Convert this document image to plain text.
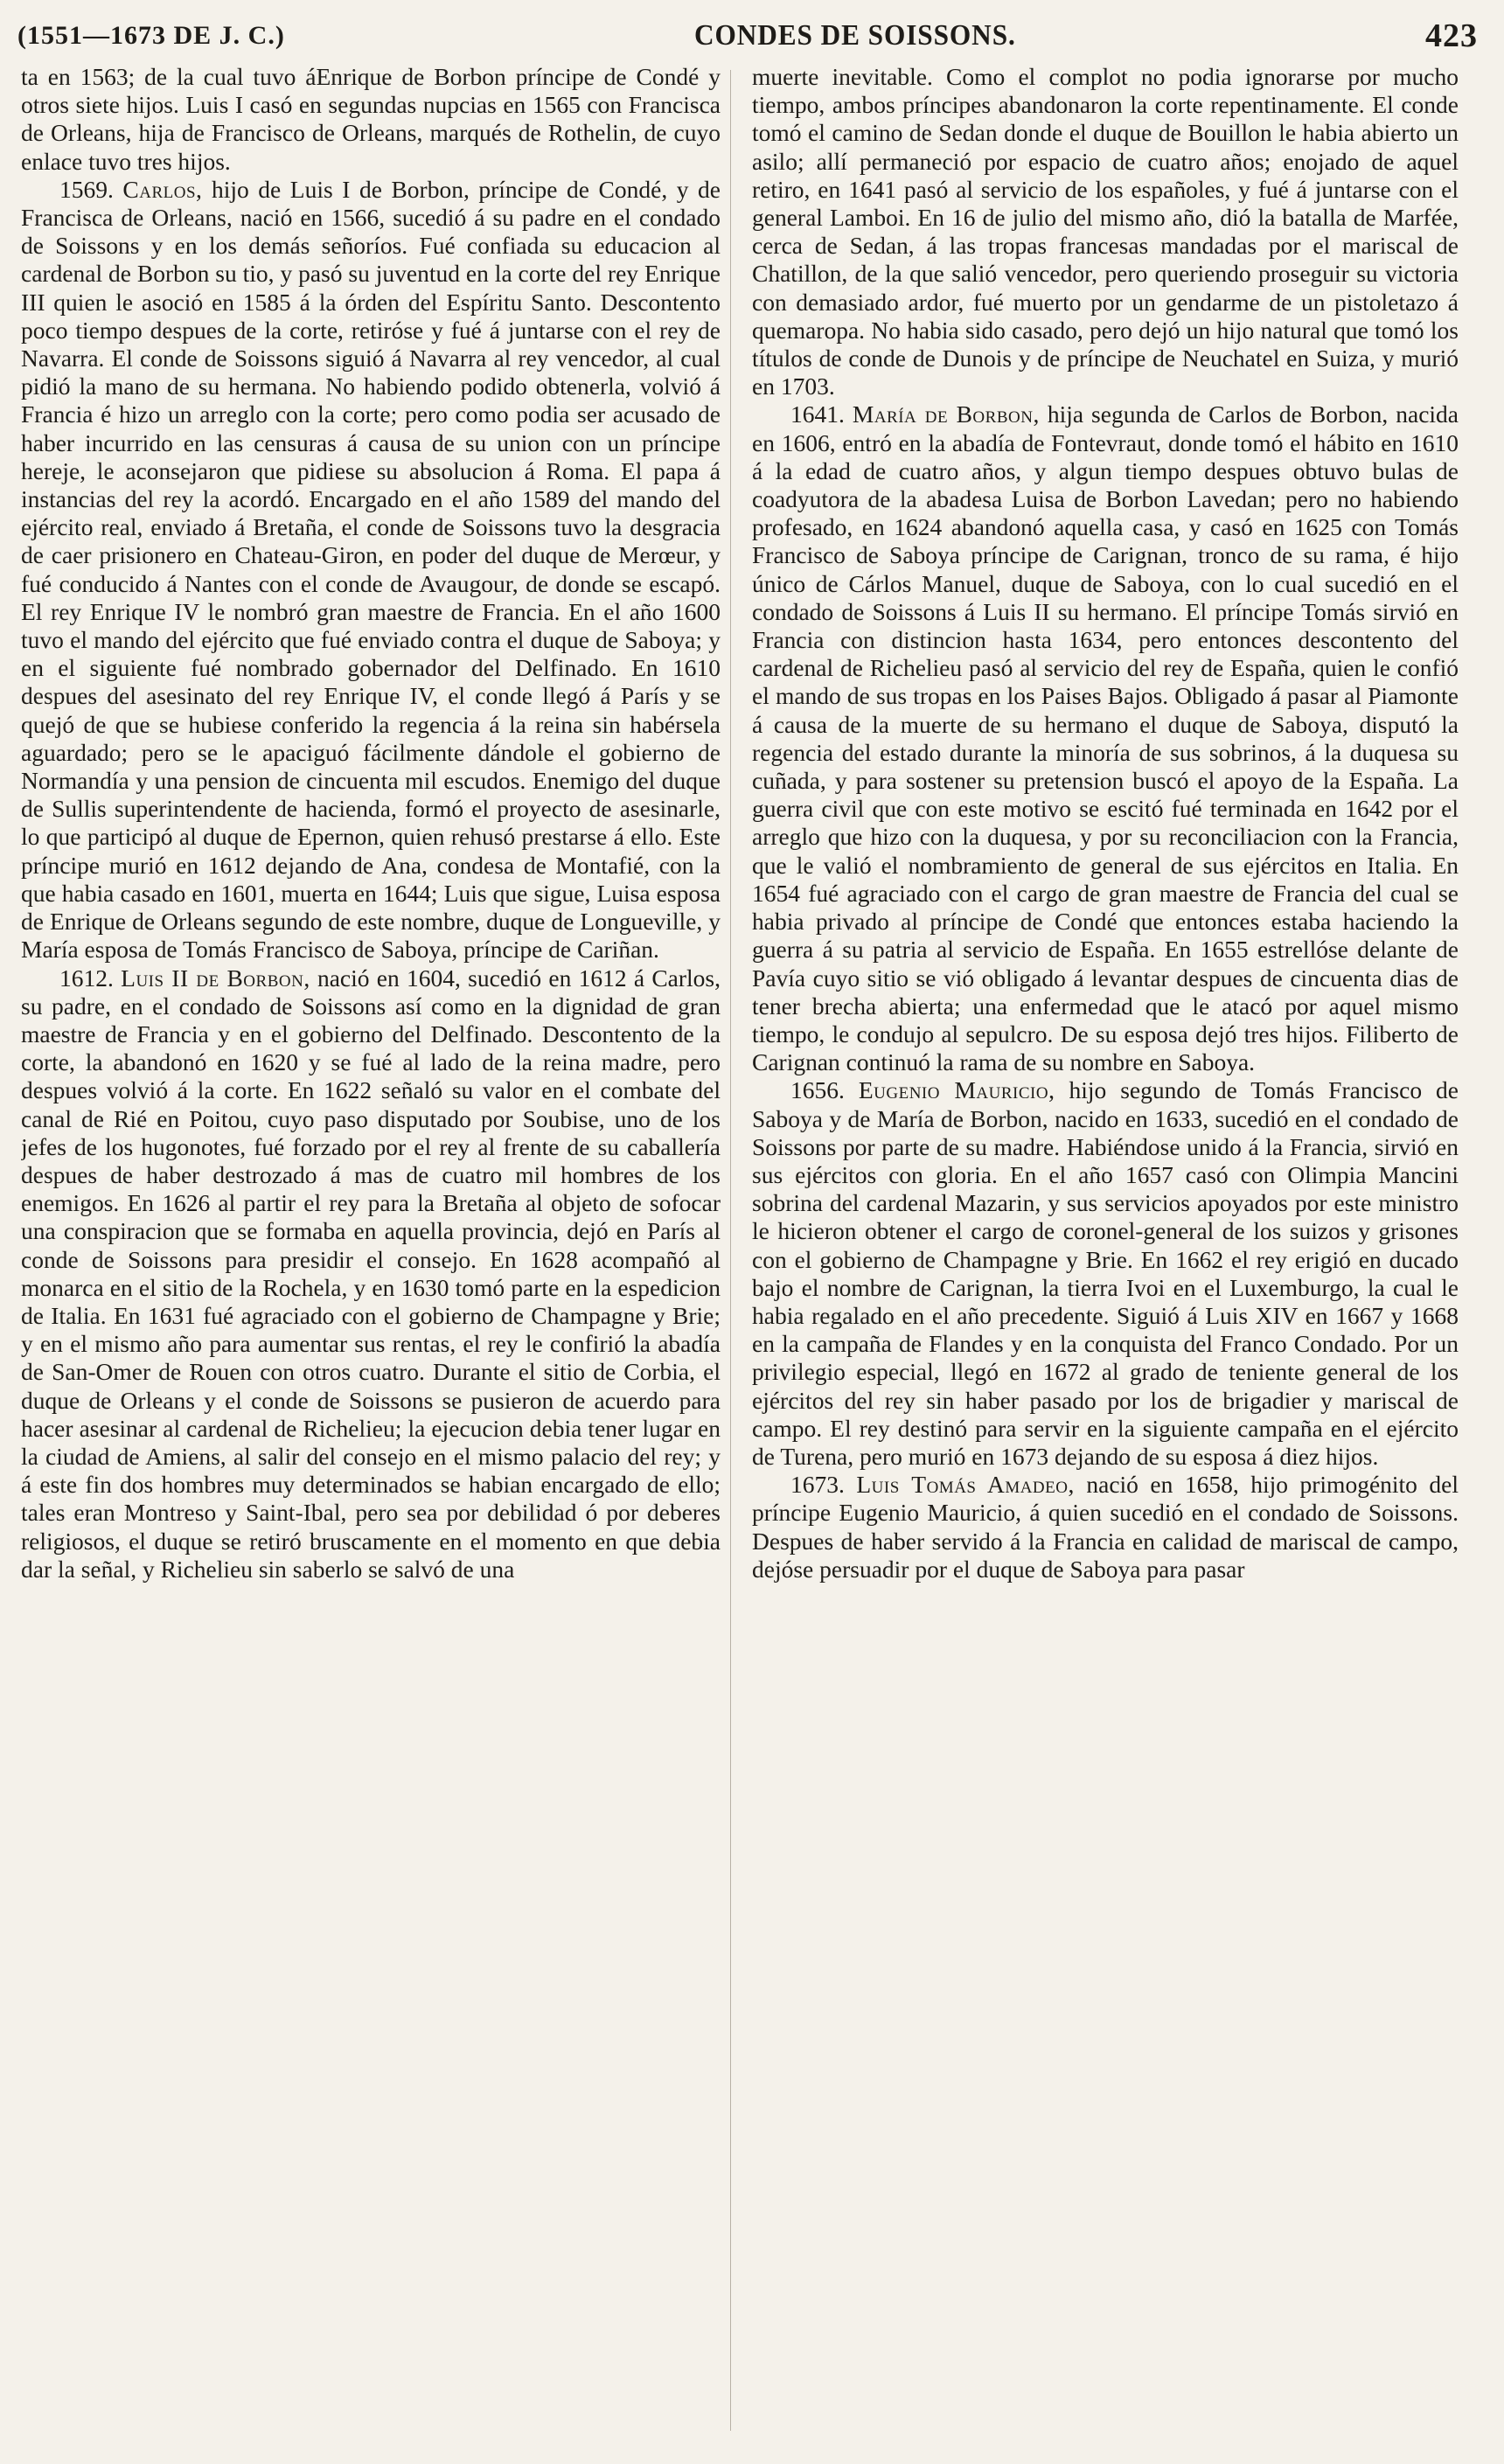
(1551—1673 DE J. C.)	CONDES DE SOISSONS.	423

ta en 1563; de la cual tuvo áEnrique de Borbon príncipe de Condé y otros siete hijos. Luis I casó en segundas nupcias en 1565 con Francisca de Orleans, hija de Francisco de Orleans, marqués de Rothelin, de cuyo enlace tuvo tres hijos.

1569. Carlos, hijo de Luis I de Borbon, príncipe de Condé, y de Francisca de Orleans, nació en 1566, sucedió á su padre en el condado de Soissons y en los demás señoríos. Fué confiada su educacion al cardenal de Borbon su tio, y pasó su juventud en la corte del rey Enrique III quien le asoció en 1585 á la órden del Espíritu Santo. Descontento poco tiempo despues de la corte, retiróse y fué á juntarse con el rey de Navarra. El conde de Soissons siguió á Navarra al rey vencedor, al cual pidió la mano de su hermana. No habiendo podido obtenerla, volvió á Francia é hizo un arreglo con la corte; pero como podia ser acusado de haber incurrido en las censuras á causa de su union con un príncipe hereje, le aconsejaron que pidiese su absolucion á Roma. El papa á instancias del rey la acordó. Encargado en el año 1589 del mando del ejército real, enviado á Bretaña, el conde de Soissons tuvo la desgracia de caer prisionero en Chateau-Giron, en poder del duque de Merœur, y fué conducido á Nantes con el conde de Avaugour, de donde se escapó. El rey Enrique IV le nombró gran maestre de Francia. En el año 1600 tuvo el mando del ejército que fué enviado contra el duque de Saboya; y en el siguiente fué nombrado gobernador del Delfinado. En 1610 despues del asesinato del rey Enrique IV, el conde llegó á París y se quejó de que se hubiese conferido la regencia á la reina sin habérsela aguardado; pero se le apaciguó fácilmente dándole el gobierno de Normandía y una pension de cincuenta mil escudos. Enemigo del duque de Sullis superintendente de hacienda, formó el proyecto de asesinarle, lo que participó al duque de Epernon, quien rehusó prestarse á ello. Este príncipe murió en 1612 dejando de Ana, condesa de Montafié, con la que habia casado en 1601, muerta en 1644; Luis que sigue, Luisa esposa de Enrique de Orleans segundo de este nombre, duque de Longueville, y María esposa de Tomás Francisco de Saboya, príncipe de Cariñan.

1612. Luis II de Borbon, nació en 1604, sucedió en 1612 á Carlos, su padre, en el condado de Soissons así como en la dignidad de gran maestre de Francia y en el gobierno del Delfinado. Descontento de la corte, la abandonó en 1620 y se fué al lado de la reina madre, pero despues volvió á la corte. En 1622 señaló su valor en el combate del canal de Rié en Poitou, cuyo paso disputado por Soubise, uno de los jefes de los hugonotes, fué forzado por el rey al frente de su caballería despues de haber destrozado á mas de cuatro mil hombres de los enemigos. En 1626 al partir el rey para la Bretaña al objeto de sofocar una conspiracion que se formaba en aquella provincia, dejó en París al conde de Soissons para presidir el consejo. En 1628 acompañó al monarca en el sitio de la Rochela, y en 1630 tomó parte en la espedicion de Italia. En 1631 fué agraciado con el gobierno de Champagne y Brie; y en el mismo año para aumentar sus rentas, el rey le confirió la abadía de San-Omer de Rouen con otros cuatro. Durante el sitio de Corbia, el duque de Orleans y el conde de Soissons se pusieron de acuerdo para hacer asesinar al cardenal de Richelieu; la ejecucion debia tener lugar en la ciudad de Amiens, al salir del consejo en el mismo palacio del rey; y á este fin dos hombres muy determinados se habian encargado de ello; tales eran Montreso y Saint-Ibal, pero sea por debilidad ó por deberes religiosos, el duque se retiró bruscamente en el momento en que debia dar la señal, y Richelieu sin saberlo se salvó de una

muerte inevitable. Como el complot no podia ignorarse por mucho tiempo, ambos príncipes abandonaron la corte repentinamente. El conde tomó el camino de Sedan donde el duque de Bouillon le habia abierto un asilo; allí permaneció por espacio de cuatro años; enojado de aquel retiro, en 1641 pasó al servicio de los españoles, y fué á juntarse con el general Lamboi. En 16 de julio del mismo año, dió la batalla de Marfée, cerca de Sedan, á las tropas francesas mandadas por el mariscal de Chatillon, de la que salió vencedor, pero queriendo proseguir su victoria con demasiado ardor, fué muerto por un gendarme de un pistoletazo á quemaropa. No habia sido casado, pero dejó un hijo natural que tomó los títulos de conde de Dunois y de príncipe de Neuchatel en Suiza, y murió en 1703.

1641. María de Borbon, hija segunda de Carlos de Borbon, nacida en 1606, entró en la abadía de Fontevraut, donde tomó el hábito en 1610 á la edad de cuatro años, y algun tiempo despues obtuvo bulas de coadyutora de la abadesa Luisa de Borbon Lavedan; pero no habiendo profesado, en 1624 abandonó aquella casa, y casó en 1625 con Tomás Francisco de Saboya príncipe de Carignan, tronco de su rama, é hijo único de Cárlos Manuel, duque de Saboya, con lo cual sucedió en el condado de Soissons á Luis II su hermano. El príncipe Tomás sirvió en Francia con distincion hasta 1634, pero entonces descontento del cardenal de Richelieu pasó al servicio del rey de España, quien le confió el mando de sus tropas en los Paises Bajos. Obligado á pasar al Piamonte á causa de la muerte de su hermano el duque de Saboya, disputó la regencia del estado durante la minoría de sus sobrinos, á la duquesa su cuñada, y para sostener su pretension buscó el apoyo de la España. La guerra civil que con este motivo se escitó fué terminada en 1642 por el arreglo que hizo con la duquesa, y por su reconciliacion con la Francia, que le valió el nombramiento de general de sus ejércitos en Italia. En 1654 fué agraciado con el cargo de gran maestre de Francia del cual se habia privado al príncipe de Condé que entonces estaba haciendo la guerra á su patria al servicio de España. En 1655 estrellóse delante de Pavía cuyo sitio se vió obligado á levantar despues de cincuenta dias de tener brecha abierta; una enfermedad que le atacó por aquel mismo tiempo, le condujo al sepulcro. De su esposa dejó tres hijos. Filiberto de Carignan continuó la rama de su nombre en Saboya.

1656. Eugenio Mauricio, hijo segundo de Tomás Francisco de Saboya y de María de Borbon, nacido en 1633, sucedió en el condado de Soissons por parte de su madre. Habiéndose unido á la Francia, sirvió en sus ejércitos con gloria. En el año 1657 casó con Olimpia Mancini sobrina del cardenal Mazarin, y sus servicios apoyados por este ministro le hicieron obtener el cargo de coronel-general de los suizos y grisones con el gobierno de Champagne y Brie. En 1662 el rey erigió en ducado bajo el nombre de Carignan, la tierra Ivoi en el Luxemburgo, la cual le habia regalado en el año precedente. Siguió á Luis XIV en 1667 y 1668 en la campaña de Flandes y en la conquista del Franco Condado. Por un privilegio especial, llegó en 1672 al grado de teniente general de los ejércitos del rey sin haber pasado por los de brigadier y mariscal de campo. El rey destinó para servir en la siguiente campaña en el ejército de Turena, pero murió en 1673 dejando de su esposa á diez hijos.

1673. Luis Tomás Amadeo, nació en 1658, hijo primogénito del príncipe Eugenio Mauricio, á quien sucedió en el condado de Soissons. Despues de haber servido á la Francia en calidad de mariscal de campo, dejóse persuadir por el duque de Saboya para pasar
